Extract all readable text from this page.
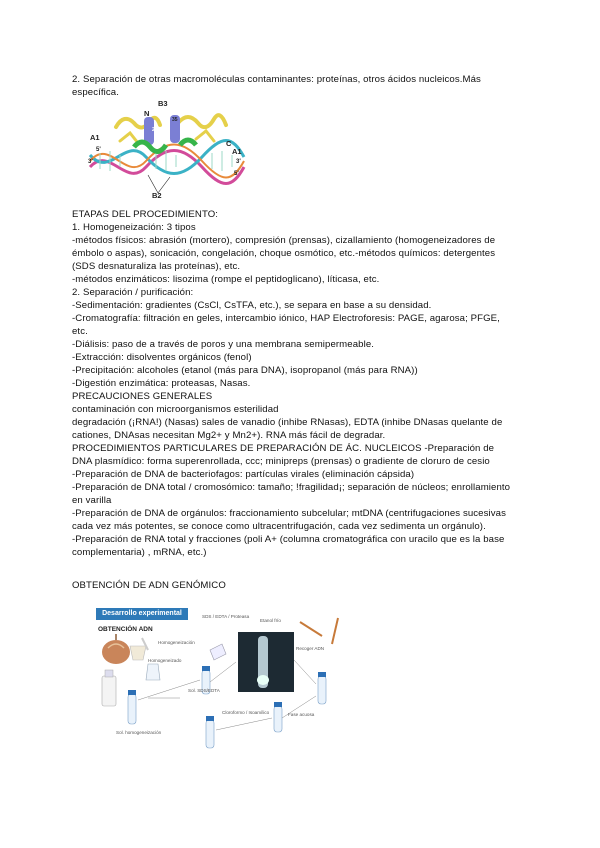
2. Separación de otras macromoléculas contaminantes: proteínas, otros ácidos nucleicos.Más
específica.
B3
N
C
A1
A1
B2
5'
3'	3'
5'
216
35
ETAPAS DEL PROCEDIMIENTO:
1. Homogeneización: 3 tipos
-métodos físicos: abrasión (mortero), compresión (prensas), cizallamiento (homogeneizadores de
émbolo o aspas), sonicación, congelación, choque osmótico, etc.-métodos químicos: detergentes
(SDS desnaturaliza las proteínas), etc.
-métodos enzimáticos: lisozima (rompe el peptidoglicano), líticasa, etc.
2. Separación / purificación:
-Sedimentación: gradientes (CsCl, CsTFA, etc.), se separa en base a su densidad.
-Cromatografía: filtración en geles, intercambio iónico, HAP Electroforesis: PAGE, agarosa; PFGE,
etc.
-Diálisis: paso de a través de poros y una membrana semipermeable.
-Extracción: disolventes orgánicos (fenol)
-Precipitación: alcoholes (etanol (más para DNA), isopropanol (más para RNA))
-Digestión enzimática: proteasas, Nasas.
PRECAUCIONES GENERALES
contaminación con microorganismos esterilidad
degradación (¡RNA!) (Nasas) sales de vanadio (inhibe RNasas), EDTA (inhibe DNasas quelante de
cationes, DNAsas necesitan Mg2+ y Mn2+). RNA más fácil de degradar.
PROCEDIMIENTOS PARTICULARES DE PREPARACIÓN DE ÁC. NUCLEICOS -Preparación de
DNA plasmídico: forma superenrollada, ccc; minipreps (prensas) o gradiente de cloruro de cesio
-Preparación de DNA de bacteriofagos: partículas virales (eliminación cápsida)
-Preparación de DNA total / cromosómico: tamaño; !fragilidad¡; separación de núcleos; enrollamiento
en varilla
-Preparación de DNA de orgánulos: fraccionamiento subcelular; mtDNA (centrifugaciones sucesivas
cada vez más potentes, se conoce como ultracentrifugación, cada vez sedimenta un orgánulo).
-Preparación de RNA total y fracciones (poli A+ (columna cromatográfica con uracilo que es la base
complementaria) , mRNA, etc.)
OBTENCIÓN DE ADN GENÓMICO
Desarrollo experimental
OBTENCIÓN ADN
Homogeneización
Homogeneizado
Sol. SDS/EDTA
SDS / EDTA / Proteasa
Etanol frío
Recoger ADN
Cloroformo / Isoamílico	Fase acuosa
Sol. homogeneización
